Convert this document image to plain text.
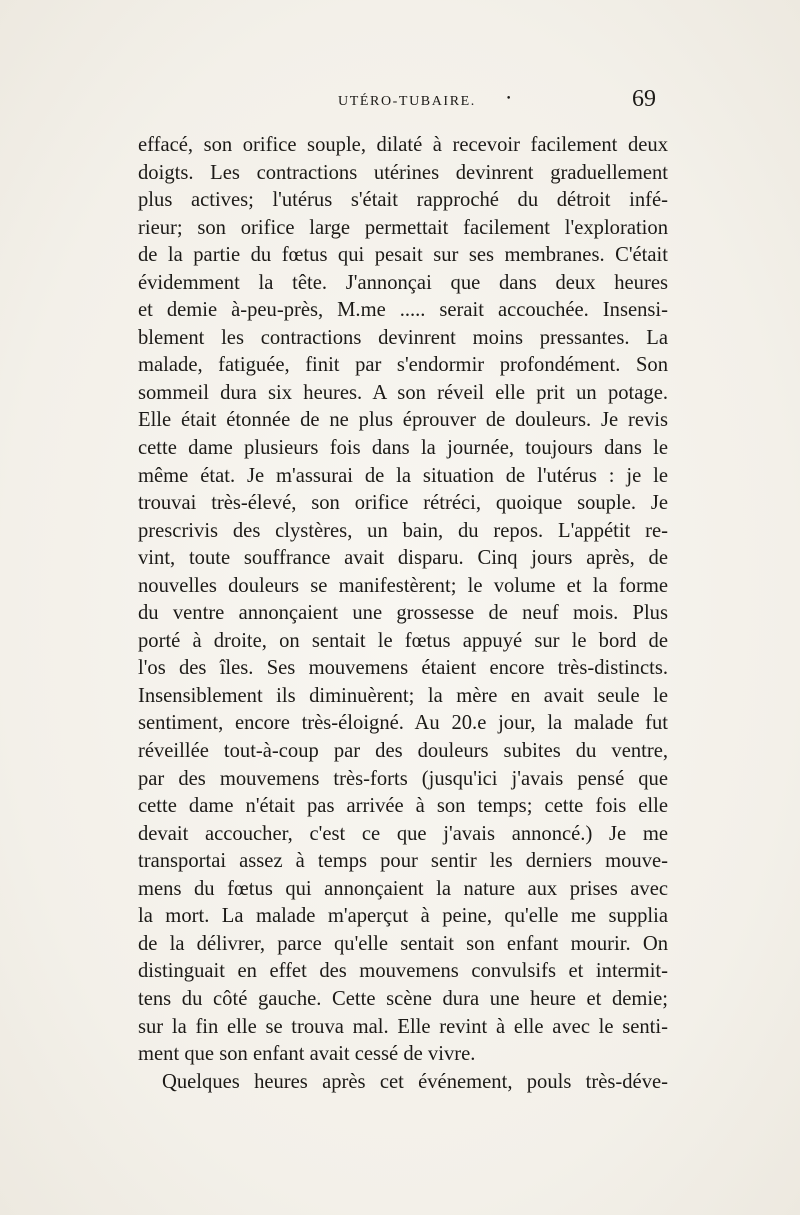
UTÉRO-TUBAIRE.	•	69
effacé, son orifice souple, dilaté à recevoir facilement deux
doigts. Les contractions utérines devinrent graduellement
plus actives; l'utérus s'était rapproché du détroit infé-
rieur; son orifice large permettait facilement l'exploration
de la partie du fœtus qui pesait sur ses membranes. C'était
évidemment la tête. J'annonçai que dans deux heures
et demie à-peu-près, M.me ..... serait accouchée. Insensi-
blement les contractions devinrent moins pressantes. La
malade, fatiguée, finit par s'endormir profondément. Son
sommeil dura six heures. A son réveil elle prit un potage.
Elle était étonnée de ne plus éprouver de douleurs. Je revis
cette dame plusieurs fois dans la journée, toujours dans le
même état. Je m'assurai de la situation de l'utérus : je le
trouvai très-élevé, son orifice rétréci, quoique souple. Je
prescrivis des clystères, un bain, du repos. L'appétit re-
vint, toute souffrance avait disparu. Cinq jours après, de
nouvelles douleurs se manifestèrent; le volume et la forme
du ventre annonçaient une grossesse de neuf mois. Plus
porté à droite, on sentait le fœtus appuyé sur le bord de
l'os des îles. Ses mouvemens étaient encore très-distincts.
Insensiblement ils diminuèrent; la mère en avait seule le
sentiment, encore très-éloigné. Au 20.e jour, la malade fut
réveillée tout-à-coup par des douleurs subites du ventre,
par des mouvemens très-forts (jusqu'ici j'avais pensé que
cette dame n'était pas arrivée à son temps; cette fois elle
devait accoucher, c'est ce que j'avais annoncé.) Je me
transportai assez à temps pour sentir les derniers mouve-
mens du fœtus qui annonçaient la nature aux prises avec
la mort. La malade m'aperçut à peine, qu'elle me supplia
de la délivrer, parce qu'elle sentait son enfant mourir. On
distinguait en effet des mouvemens convulsifs et intermit-
tens du côté gauche. Cette scène dura une heure et demie;
sur la fin elle se trouva mal. Elle revint à elle avec le senti-
ment que son enfant avait cessé de vivre.
Quelques heures après cet événement, pouls très-déve-
